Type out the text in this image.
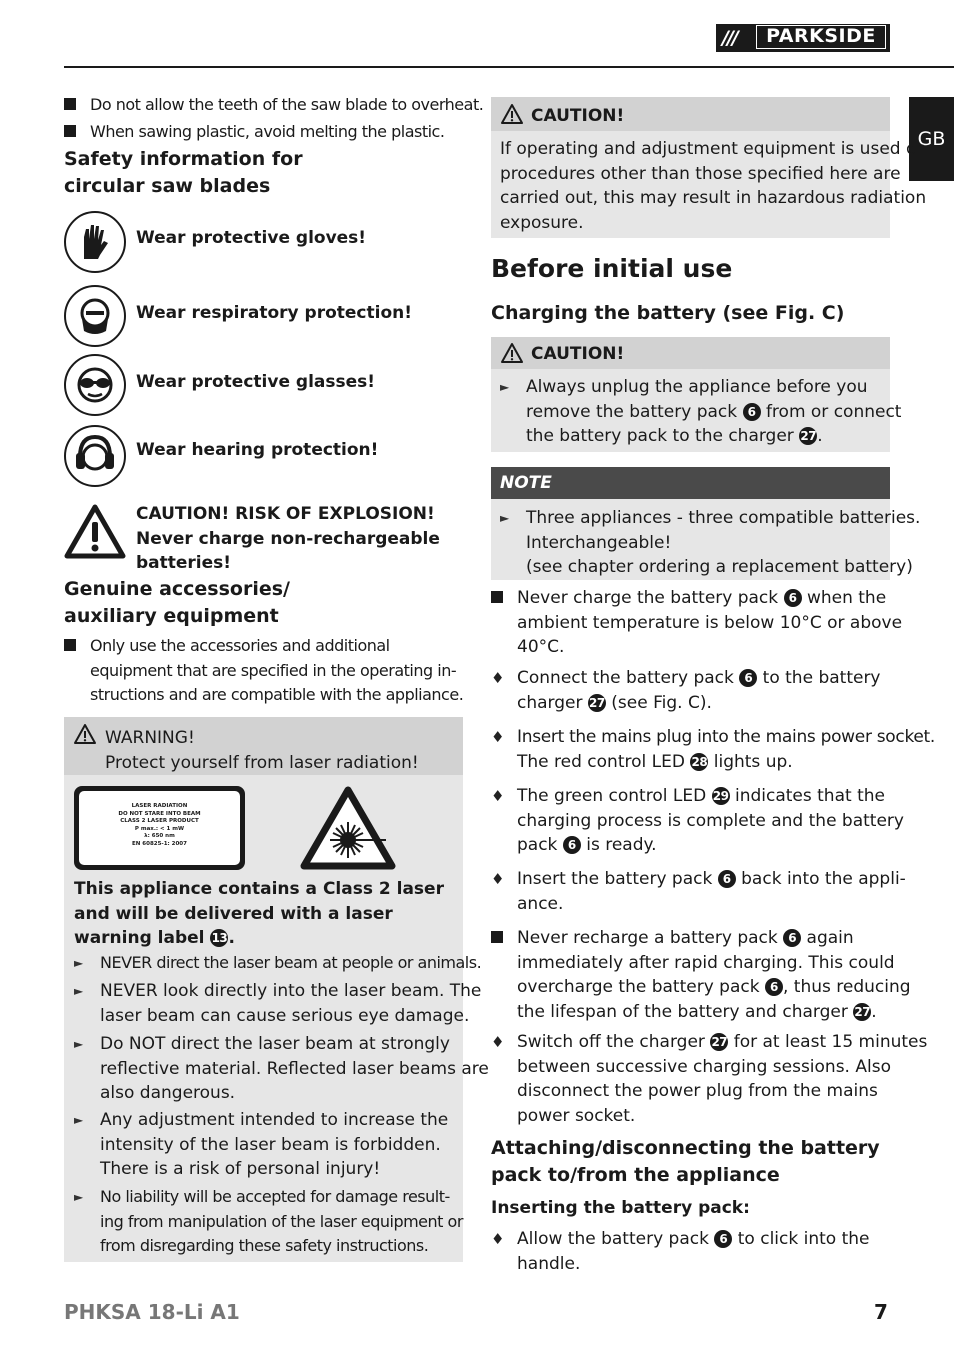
///	PARKSIDE
GB
Do not allow the teeth of the saw blade to overheat.
When sawing plastic, avoid melting the plastic.
Safety information for
circular saw blades
Wear protective gloves!
Wear respiratory protection!
Wear protective glasses!
Wear hearing protection!
CAUTION! RISK OF EXPLOSION!
Never charge non-rechargeable
batteries!
Genuine accessories/
auxiliary equipment
Only use the accessories and additional
equipment that are specified in the operating in-
structions and are compatible with the appliance.
WARNING!
Protect yourself from laser radiation!
LASER RADIATION
DO NOT STARE INTO BEAM
CLASS 2 LASER PRODUCT
P max.: < 1 mW
λ: 650 nm
EN 60825-1: 2007
This appliance contains a Class 2 laser
and will be delivered with a laser
warning label 13.
►	NEVER direct the laser beam at people or animals.
► NEVER look directly into the laser beam. The
laser beam can cause serious eye damage.
► Do NOT direct the laser beam at strongly
reflective material. Reflected laser beams are
also dangerous.
► Any adjustment intended to increase the
intensity of the laser beam is forbidden.
There is a risk of personal injury!
►	No liability will be accepted for damage result-
ing from manipulation of the laser equipment or
from disregarding these safety instructions.
CAUTION!
If operating and adjustment equipment is used or
procedures other than those specified here are
carried out, this may result in hazardous radiation
exposure.
Before initial use
Charging the battery (see Fig. C)
CAUTION!
► Always unplug the appliance before you
remove the battery pack 6 from or connect
the battery pack to the charger 27.
NOTE
► Three appliances - three compatible batteries.
Interchangeable!
(see chapter ordering a replacement battery)
Never charge the battery pack 6 when the
ambient temperature is below 10°C or above
40°C.
♦ Connect the battery pack 6 to the battery
charger 27 (see Fig. C).
♦ Insert the mains plug into the mains power socket.
The red control LED 28 lights up.
♦ The green control LED 29 indicates that the
charging process is complete and the battery
pack 6 is ready.
♦ Insert the battery pack 6 back into the appli-
ance.
Never recharge a battery pack 6 again
immediately after rapid charging. This could
overcharge the battery pack 6 , thus reducing
the lifespan of the battery and charger 27.
♦ Switch off the charger 27 for at least 15 minutes
between successive charging sessions. Also
disconnect the power plug from the mains
power socket.
Attaching/disconnecting the battery
pack to/from the appliance
Inserting the battery pack:
♦ Allow the battery pack 6 to click into the
handle.
PHKSA 18-Li A1	7
